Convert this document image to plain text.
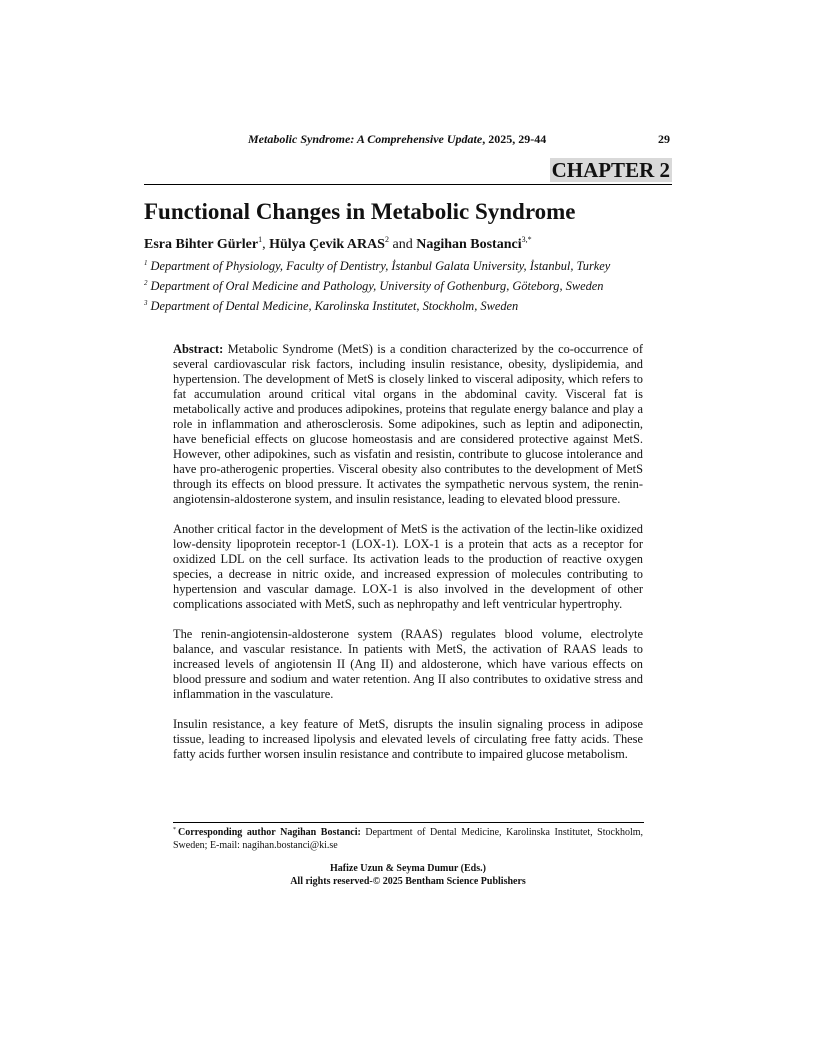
Metabolic Syndrome: A Comprehensive Update, 2025, 29-44	29
CHAPTER 2
Functional Changes in Metabolic Syndrome
Esra Bihter Gürler$^1$, Hülya Çevik ARAS$^2$ and Nagihan Bostanci$^{3,*}$
$^1$ Department of Physiology, Faculty of Dentistry, İstanbul Galata University, İstanbul, Turkey
$^2$ Department of Oral Medicine and Pathology, University of Gothenburg, Göteborg, Sweden
$^3$ Department of Dental Medicine, Karolinska Institutet, Stockholm, Sweden

Abstract: Metabolic Syndrome (MetS) is a condition characterized by the co-occurrence of several cardiovascular risk factors, including insulin resistance, obesity, dyslipidemia, and hypertension. The development of MetS is closely linked to visceral adiposity, which refers to fat accumulation around critical vital organs in the abdominal cavity. Visceral fat is metabolically active and produces adipokines, proteins that regulate energy balance and play a role in inflammation and atherosclerosis. Some adipokines, such as leptin and adiponectin, have beneficial effects on glucose homeostasis and are considered protective against MetS. However, other adipokines, such as visfatin and resistin, contribute to glucose intolerance and have pro-atherogenic properties. Visceral obesity also contributes to the development of MetS through its effects on blood pressure. It activates the sympathetic nervous system, the renin-angiotensin-aldosterone system, and insulin resistance, leading to elevated blood pressure.

Another critical factor in the development of MetS is the activation of the lectin-like oxidized low-density lipoprotein receptor-1 (LOX-1). LOX-1 is a protein that acts as a receptor for oxidized LDL on the cell surface. Its activation leads to the production of reactive oxygen species, a decrease in nitric oxide, and increased expression of molecules contributing to hypertension and vascular damage. LOX-1 is also involved in the development of other complications associated with MetS, such as nephropathy and left ventricular hypertrophy.

The renin-angiotensin-aldosterone system (RAAS) regulates blood volume, electrolyte balance, and vascular resistance. In patients with MetS, the activation of RAAS leads to increased levels of angiotensin II (Ang II) and aldosterone, which have various effects on blood pressure and sodium and water retention. Ang II also contributes to oxidative stress and inflammation in the vasculature.

Insulin resistance, a key feature of MetS, disrupts the insulin signaling process in adipose tissue, leading to increased lipolysis and elevated levels of circulating free fatty acids. These fatty acids further worsen insulin resistance and contribute to impaired glucose metabolism.

* Corresponding author Nagihan Bostanci: Department of Dental Medicine, Karolinska Institutet, Stockholm, Sweden; E-mail: nagihan.bostanci@ki.se
Hafize Uzun & Seyma Dumur (Eds.)
All rights reserved-© 2025 Bentham Science Publishers
